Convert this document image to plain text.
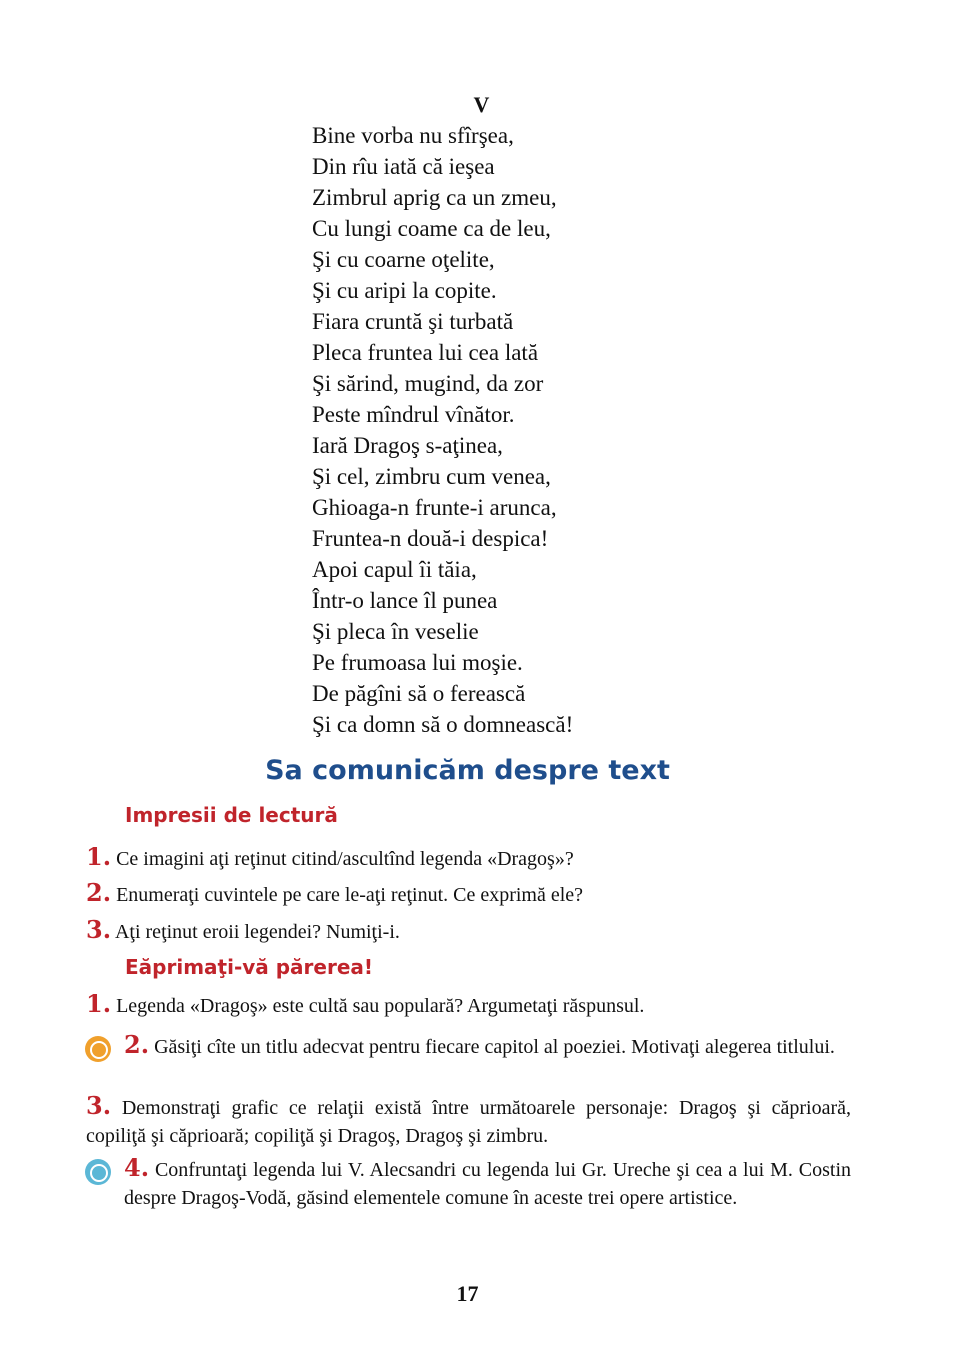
V
Bine vorba nu sfîrşea,
Din rîu iată că ieşea
Zimbrul aprig ca un zmeu,
Cu lungi coame ca de leu,
Şi cu coarne oţelite,
Şi cu aripi la copite.
Fiara cruntă şi turbată
Pleca fruntea lui cea lată
Şi sărind, mugind, da zor
Peste mîndrul vînător.
Iară Dragoş s-aţinea,
Şi cel, zimbru cum venea,
Ghioaga-n frunte-i arunca,
Fruntea-n două-i despica!
Apoi capul îi tăia,
Într-o lance îl punea
Şi pleca în veselie
Pe frumoasa lui moşie.
De păgîni să o ferească
Şi ca domn să o domnească!
Sa comunicăm despre text
Impresii de lectură
1. Ce imagini aţi reţinut citind/ascultînd legenda «Dragoş»?
2. Enumeraţi cuvintele pe care le-aţi reţinut. Ce exprimă ele?
3. Aţi reţinut eroii legendei? Numiţi-i.
Eăprimaţi-vă părerea!
1. Legenda «Dragoş» este cultă sau populară? Argumetaţi răspunsul.
2. Găsiţi cîte un titlu adecvat pentru fiecare capitol al poeziei. Motivaţi alegerea titlului.
3. Demonstraţi grafic ce relaţii există între următoarele personaje: Dragoş şi căprioară, copiliţă şi căprioară; copiliţă şi Dragoş, Dragoş şi zimbru.
4. Confruntaţi legenda lui V. Alecsandri cu legenda lui Gr. Ureche şi cea a lui M. Costin despre Dragoş-Vodă, găsind elementele comune în aceste trei opere artistice.
17
